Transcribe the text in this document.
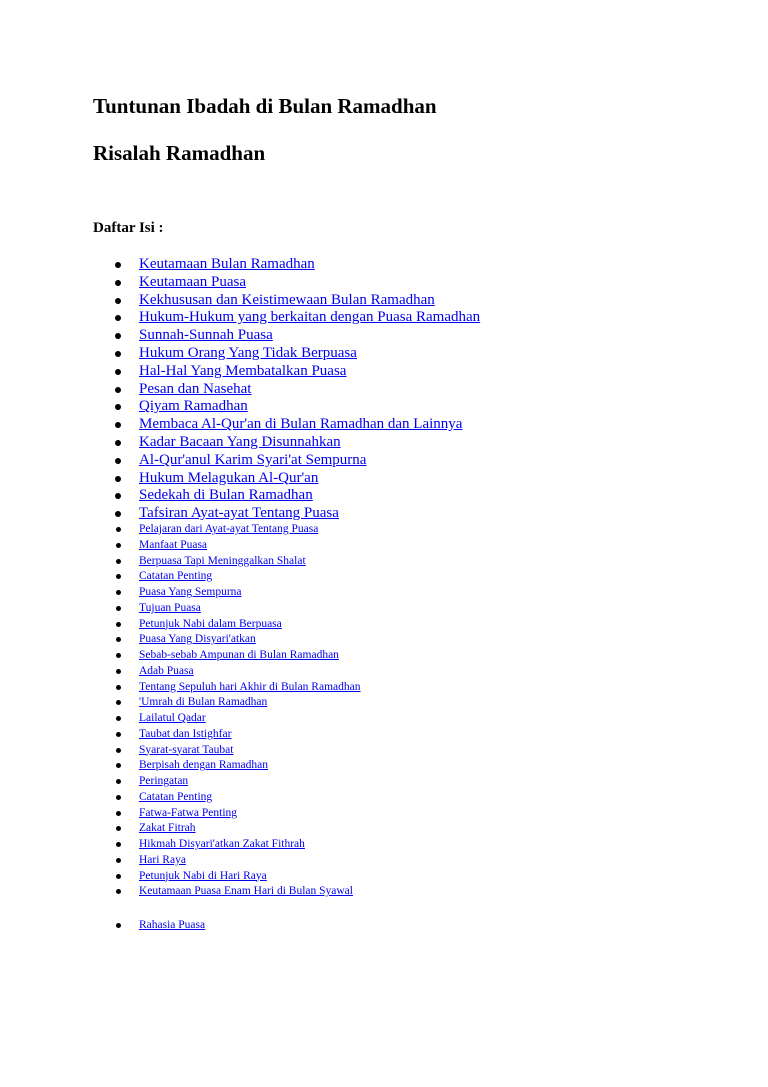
Tuntunan Ibadah di Bulan Ramadhan
Risalah Ramadhan

Daftar Isi :

Keutamaan Bulan Ramadhan
Keutamaan Puasa
Kekhususan dan Keistimewaan Bulan Ramadhan
Hukum-Hukum yang berkaitan dengan Puasa Ramadhan
Sunnah-Sunnah Puasa
Hukum Orang Yang Tidak Berpuasa
Hal-Hal Yang Membatalkan Puasa
Pesan dan Nasehat
Qiyam Ramadhan
Membaca Al-Qur'an di Bulan Ramadhan dan Lainnya
Kadar Bacaan Yang Disunnahkan
Al-Qur'anul Karim Syari'at Sempurna
Hukum Melagukan Al-Qur'an
Sedekah di Bulan Ramadhan
Tafsiran Ayat-ayat Tentang Puasa
Pelajaran dari Ayat-ayat Tentang Puasa
Manfaat Puasa
Berpuasa Tapi Meninggalkan Shalat
Catatan Penting
Puasa Yang Sempurna
Tujuan Puasa
Petunjuk Nabi dalam Berpuasa
Puasa Yang Disyari'atkan
Sebab-sebab Ampunan di Bulan Ramadhan
Adab Puasa
Tentang Sepuluh hari Akhir di Bulan Ramadhan
'Umrah di Bulan Ramadhan
Lailatul Qadar
Taubat dan Istighfar
Syarat-syarat Taubat
Berpisah dengan Ramadhan
Peringatan
Catatan Penting
Fatwa-Fatwa Penting
Zakat Fitrah
Hikmah Disyari'atkan Zakat Fithrah
Hari Raya
Petunjuk Nabi di Hari Raya
Keutamaan Puasa Enam Hari di Bulan Syawal
Rahasia Puasa
